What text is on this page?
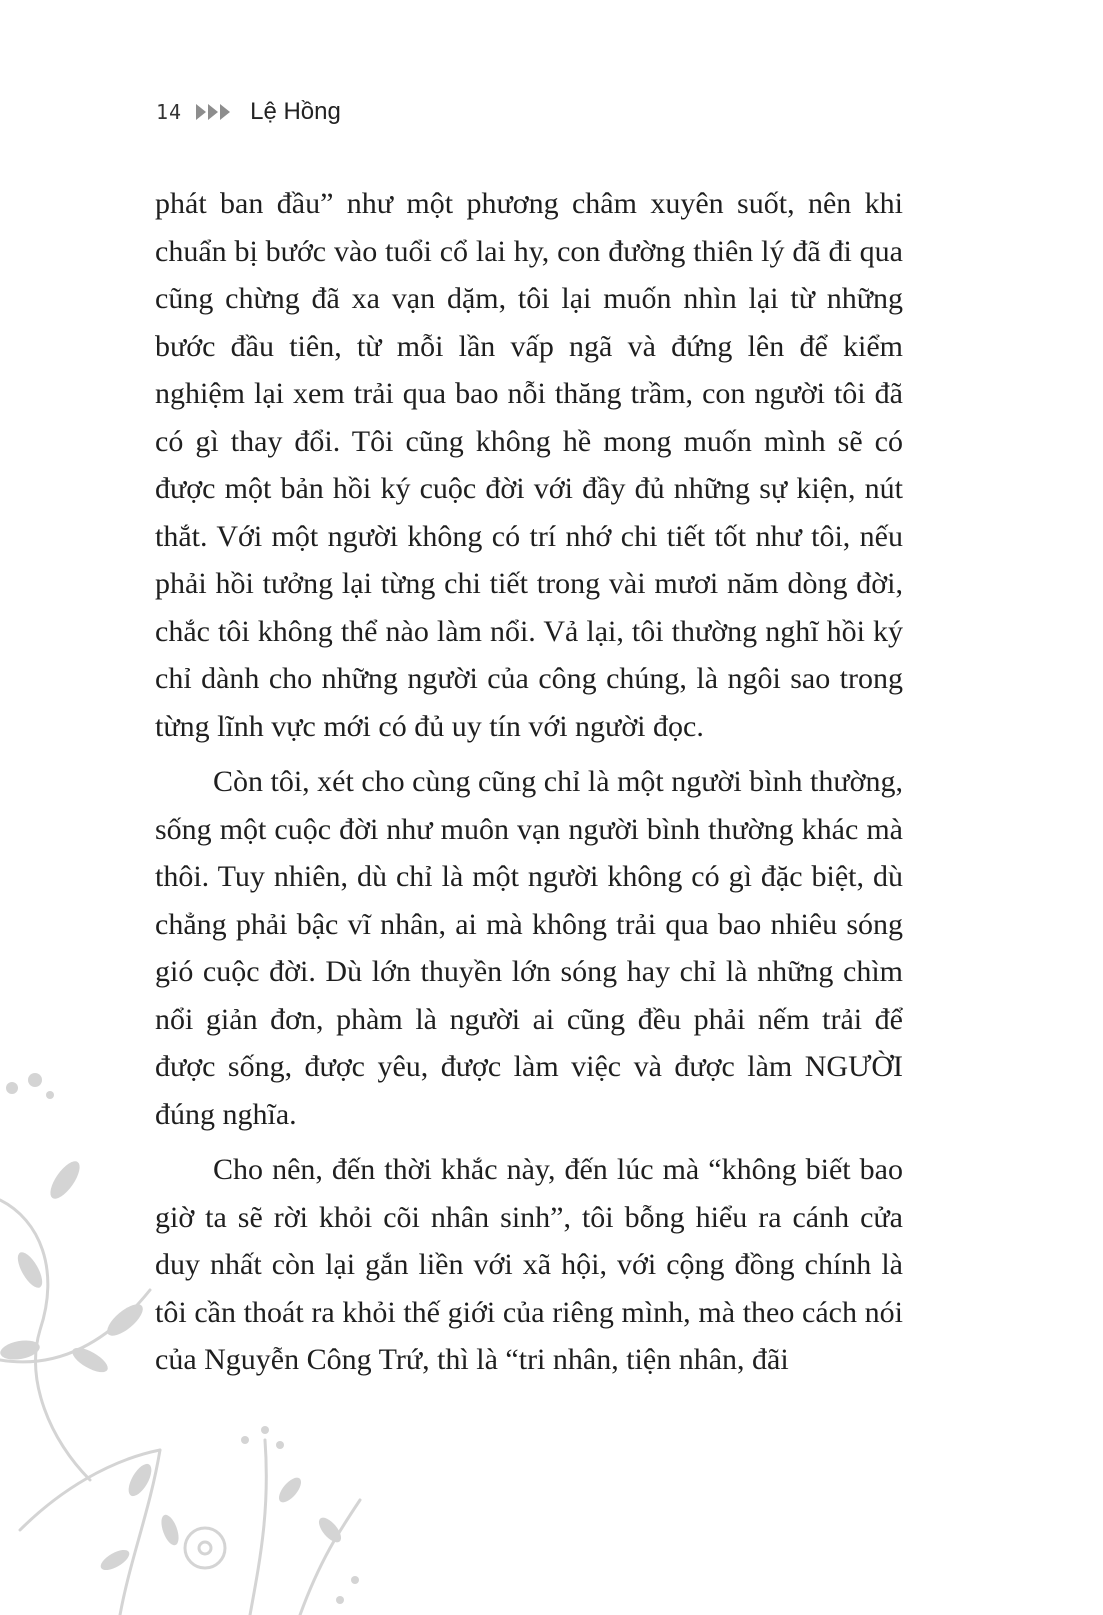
14	Lệ Hồng

phát ban đầu” như một phương châm xuyên suốt, nên khi chuẩn bị bước vào tuổi cổ lai hy, con đường thiên lý đã đi qua cũng chừng đã xa vạn dặm, tôi lại muốn nhìn lại từ những bước đầu tiên, từ mỗi lần vấp ngã và đứng lên để kiểm nghiệm lại xem trải qua bao nỗi thăng trầm, con người tôi đã có gì thay đổi. Tôi cũng không hề mong muốn mình sẽ có được một bản hồi ký cuộc đời với đầy đủ những sự kiện, nút thắt. Với một người không có trí nhớ chi tiết tốt như tôi, nếu phải hồi tưởng lại từng chi tiết trong vài mươi năm dòng đời, chắc tôi không thể nào làm nổi. Vả lại, tôi thường nghĩ hồi ký chỉ dành cho những người của công chúng, là ngôi sao trong từng lĩnh vực mới có đủ uy tín với người đọc.

Còn tôi, xét cho cùng cũng chỉ là một người bình thường, sống một cuộc đời như muôn vạn người bình thường khác mà thôi. Tuy nhiên, dù chỉ là một người không có gì đặc biệt, dù chẳng phải bậc vĩ nhân, ai mà không trải qua bao nhiêu sóng gió cuộc đời. Dù lớn thuyền lớn sóng hay chỉ là những chìm nổi giản đơn, phàm là người ai cũng đều phải nếm trải để được sống, được yêu, được làm việc và được làm NGƯỜI đúng nghĩa.

Cho nên, đến thời khắc này, đến lúc mà “không biết bao giờ ta sẽ rời khỏi cõi nhân sinh”, tôi bỗng hiểu ra cánh cửa duy nhất còn lại gắn liền với xã hội, với cộng đồng chính là tôi cần thoát ra khỏi thế giới của riêng mình, mà theo cách nói của Nguyễn Công Trứ, thì là “tri nhân, tiện nhân, đãi
